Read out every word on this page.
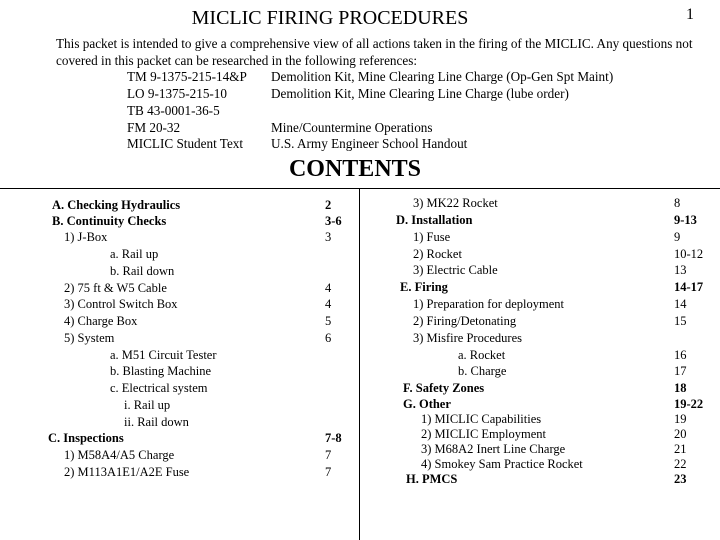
1
MICLIC FIRING PROCEDURES
This packet is intended to give a comprehensive view of all actions taken in the firing of the MICLIC. Any questions not covered in this packet can be researched in the following references:
TM 9-1375-215-14&P Demolition Kit, Mine Clearing Line Charge (Op-Gen Spt Maint)
LO 9-1375-215-10	Demolition Kit, Mine Clearing Line Charge (lube order)
TB 43-0001-36-5
FM 20-32	Mine/Countermine Operations
MICLIC Student Text U.S. Army Engineer School Handout
CONTENTS
A. Checking Hydraulics	2
B. Continuity Checks	3-6
1) J-Box	3
a. Rail up
b. Rail down
2) 75 ft & W5 Cable	4
3) Control Switch Box	4
4) Charge Box	5
5) System	6
a. M51 Circuit Tester
b. Blasting Machine
c. Electrical system
i. Rail up
ii. Rail down
C. Inspections	7-8
1) M58A4/A5 Charge	7
2) M113A1E1/A2E Fuse	7
3) MK22 Rocket	8
D. Installation	9-13
1) Fuse	9
2) Rocket	10-12
3) Electric Cable	13
E. Firing	14-17
1) Preparation for deployment	14
2) Firing/Detonating	15
3) Misfire Procedures
a. Rocket	16
b. Charge	17
F. Safety Zones	18
G. Other	19-22
1) MICLIC Capabilities	19
2) MICLIC Employment	20
3) M68A2 Inert Line Charge	21
4) Smokey Sam Practice Rocket	22
H. PMCS	23
